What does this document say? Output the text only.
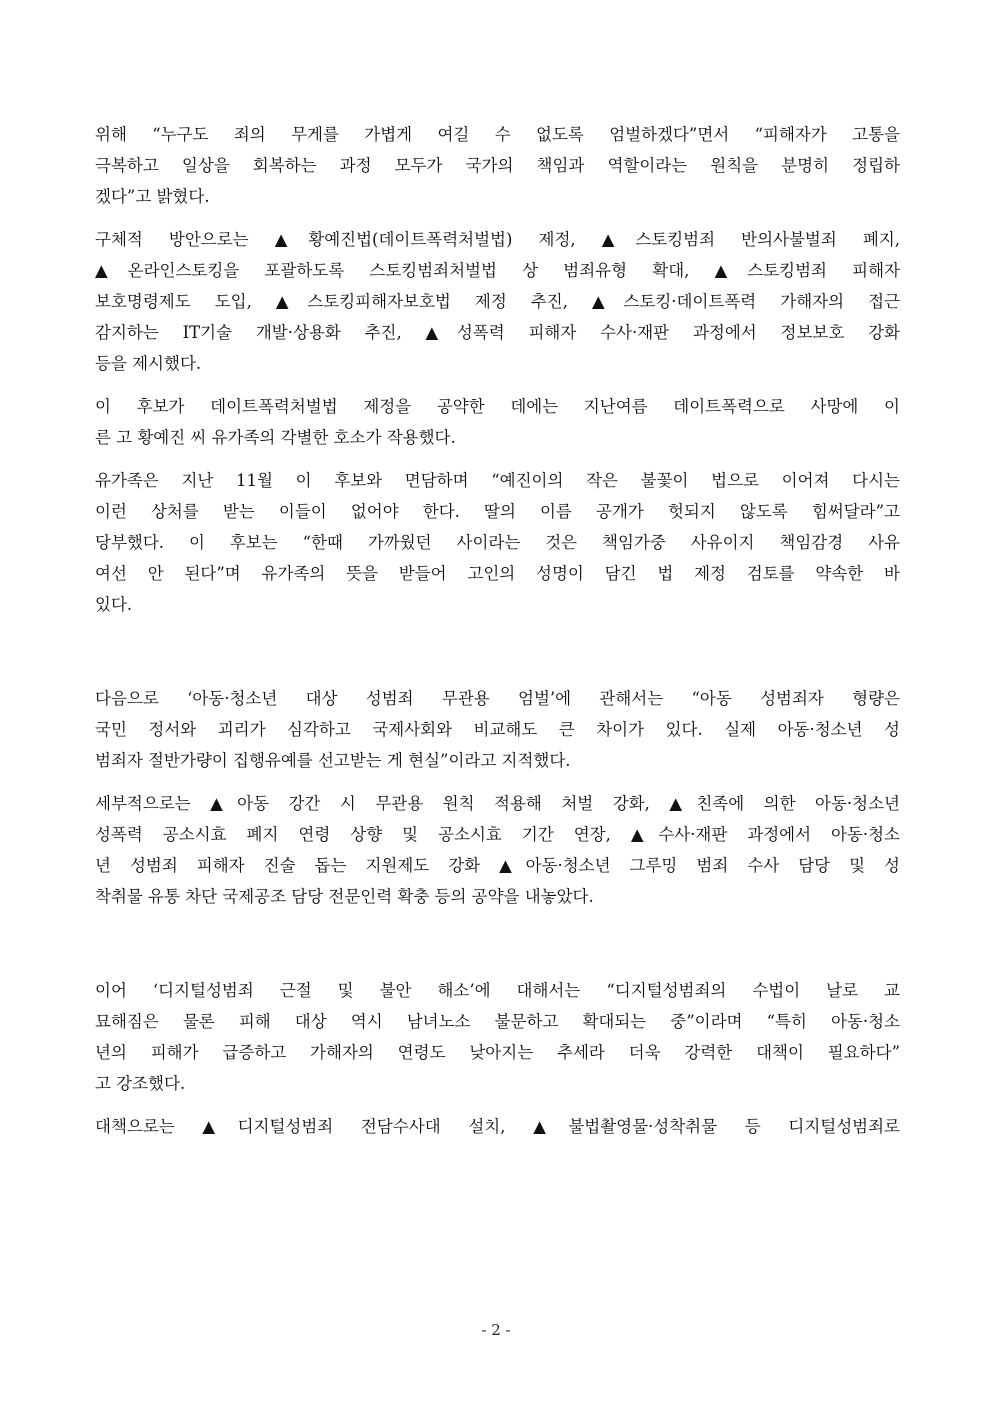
위해 “누구도 죄의 무게를 가볍게 여길 수 없도록 엄벌하겠다”면서 “피해자가 고통을
극복하고 일상을 회복하는 과정 모두가 국가의 책임과 역할이라는 원칙을 분명히 정립하
겠다”고 밝혔다.
구체적 방안으로는 ▲황예진법(데이트폭력처벌법) 제정, ▲스토킹범죄 반의사불벌죄 폐지,
▲온라인스토킹을 포괄하도록 스토킹범죄처벌법 상 범죄유형 확대, ▲스토킹범죄 피해자
보호명령제도 도입, ▲스토킹피해자보호법 제정 추진, ▲스토킹·데이트폭력 가해자의 접근
감지하는 IT기술 개발·상용화 추진, ▲성폭력 피해자 수사·재판 과정에서 정보보호 강화
등을 제시했다.
이 후보가 데이트폭력처벌법 제정을 공약한 데에는 지난여름 데이트폭력으로 사망에 이
른 고 황예진 씨 유가족의 각별한 호소가 작용했다.
유가족은 지난 11월 이 후보와 면담하며 “예진이의 작은 불꽃이 법으로 이어져 다시는
이런 상처를 받는 이들이 없어야 한다. 딸의 이름 공개가 헛되지 않도록 힘써달라”고
당부했다. 이 후보는 “한때 가까웠던 사이라는 것은 책임가중 사유이지 책임감경 사유
여선 안 된다”며 유가족의 뜻을 받들어 고인의 성명이 담긴 법 제정 검토를 약속한 바
있다.
다음으로 ‘아동·청소년 대상 성범죄 무관용 엄벌’에 관해서는 “아동 성범죄자 형량은
국민 정서와 괴리가 심각하고 국제사회와 비교해도 큰 차이가 있다. 실제 아동·청소년 성
범죄자 절반가량이 집행유예를 선고받는 게 현실”이라고 지적했다.
세부적으로는 ▲아동 강간 시 무관용 원칙 적용해 처벌 강화, ▲친족에 의한 아동·청소년
성폭력 공소시효 폐지 연령 상향 및 공소시효 기간 연장, ▲수사·재판 과정에서 아동·청소
년 성범죄 피해자 진술 돕는 지원제도 강화 ▲아동·청소년 그루밍 범죄 수사 담당 및 성
착취물 유통 차단 국제공조 담당 전문인력 확충 등의 공약을 내놓았다.
이어 ‘디지털성범죄 근절 및 불안 해소’에 대해서는 “디지털성범죄의 수법이 날로 교
묘해짐은 물론 피해 대상 역시 남녀노소 불문하고 확대되는 중”이라며 “특히 아동·청소
년의 피해가 급증하고 가해자의 연령도 낮아지는 추세라 더욱 강력한 대책이 필요하다”
고 강조했다.
대책으로는 ▲디지털성범죄 전담수사대 설치, ▲불법촬영물·성착취물 등 디지털성범죄로
- 2 -
